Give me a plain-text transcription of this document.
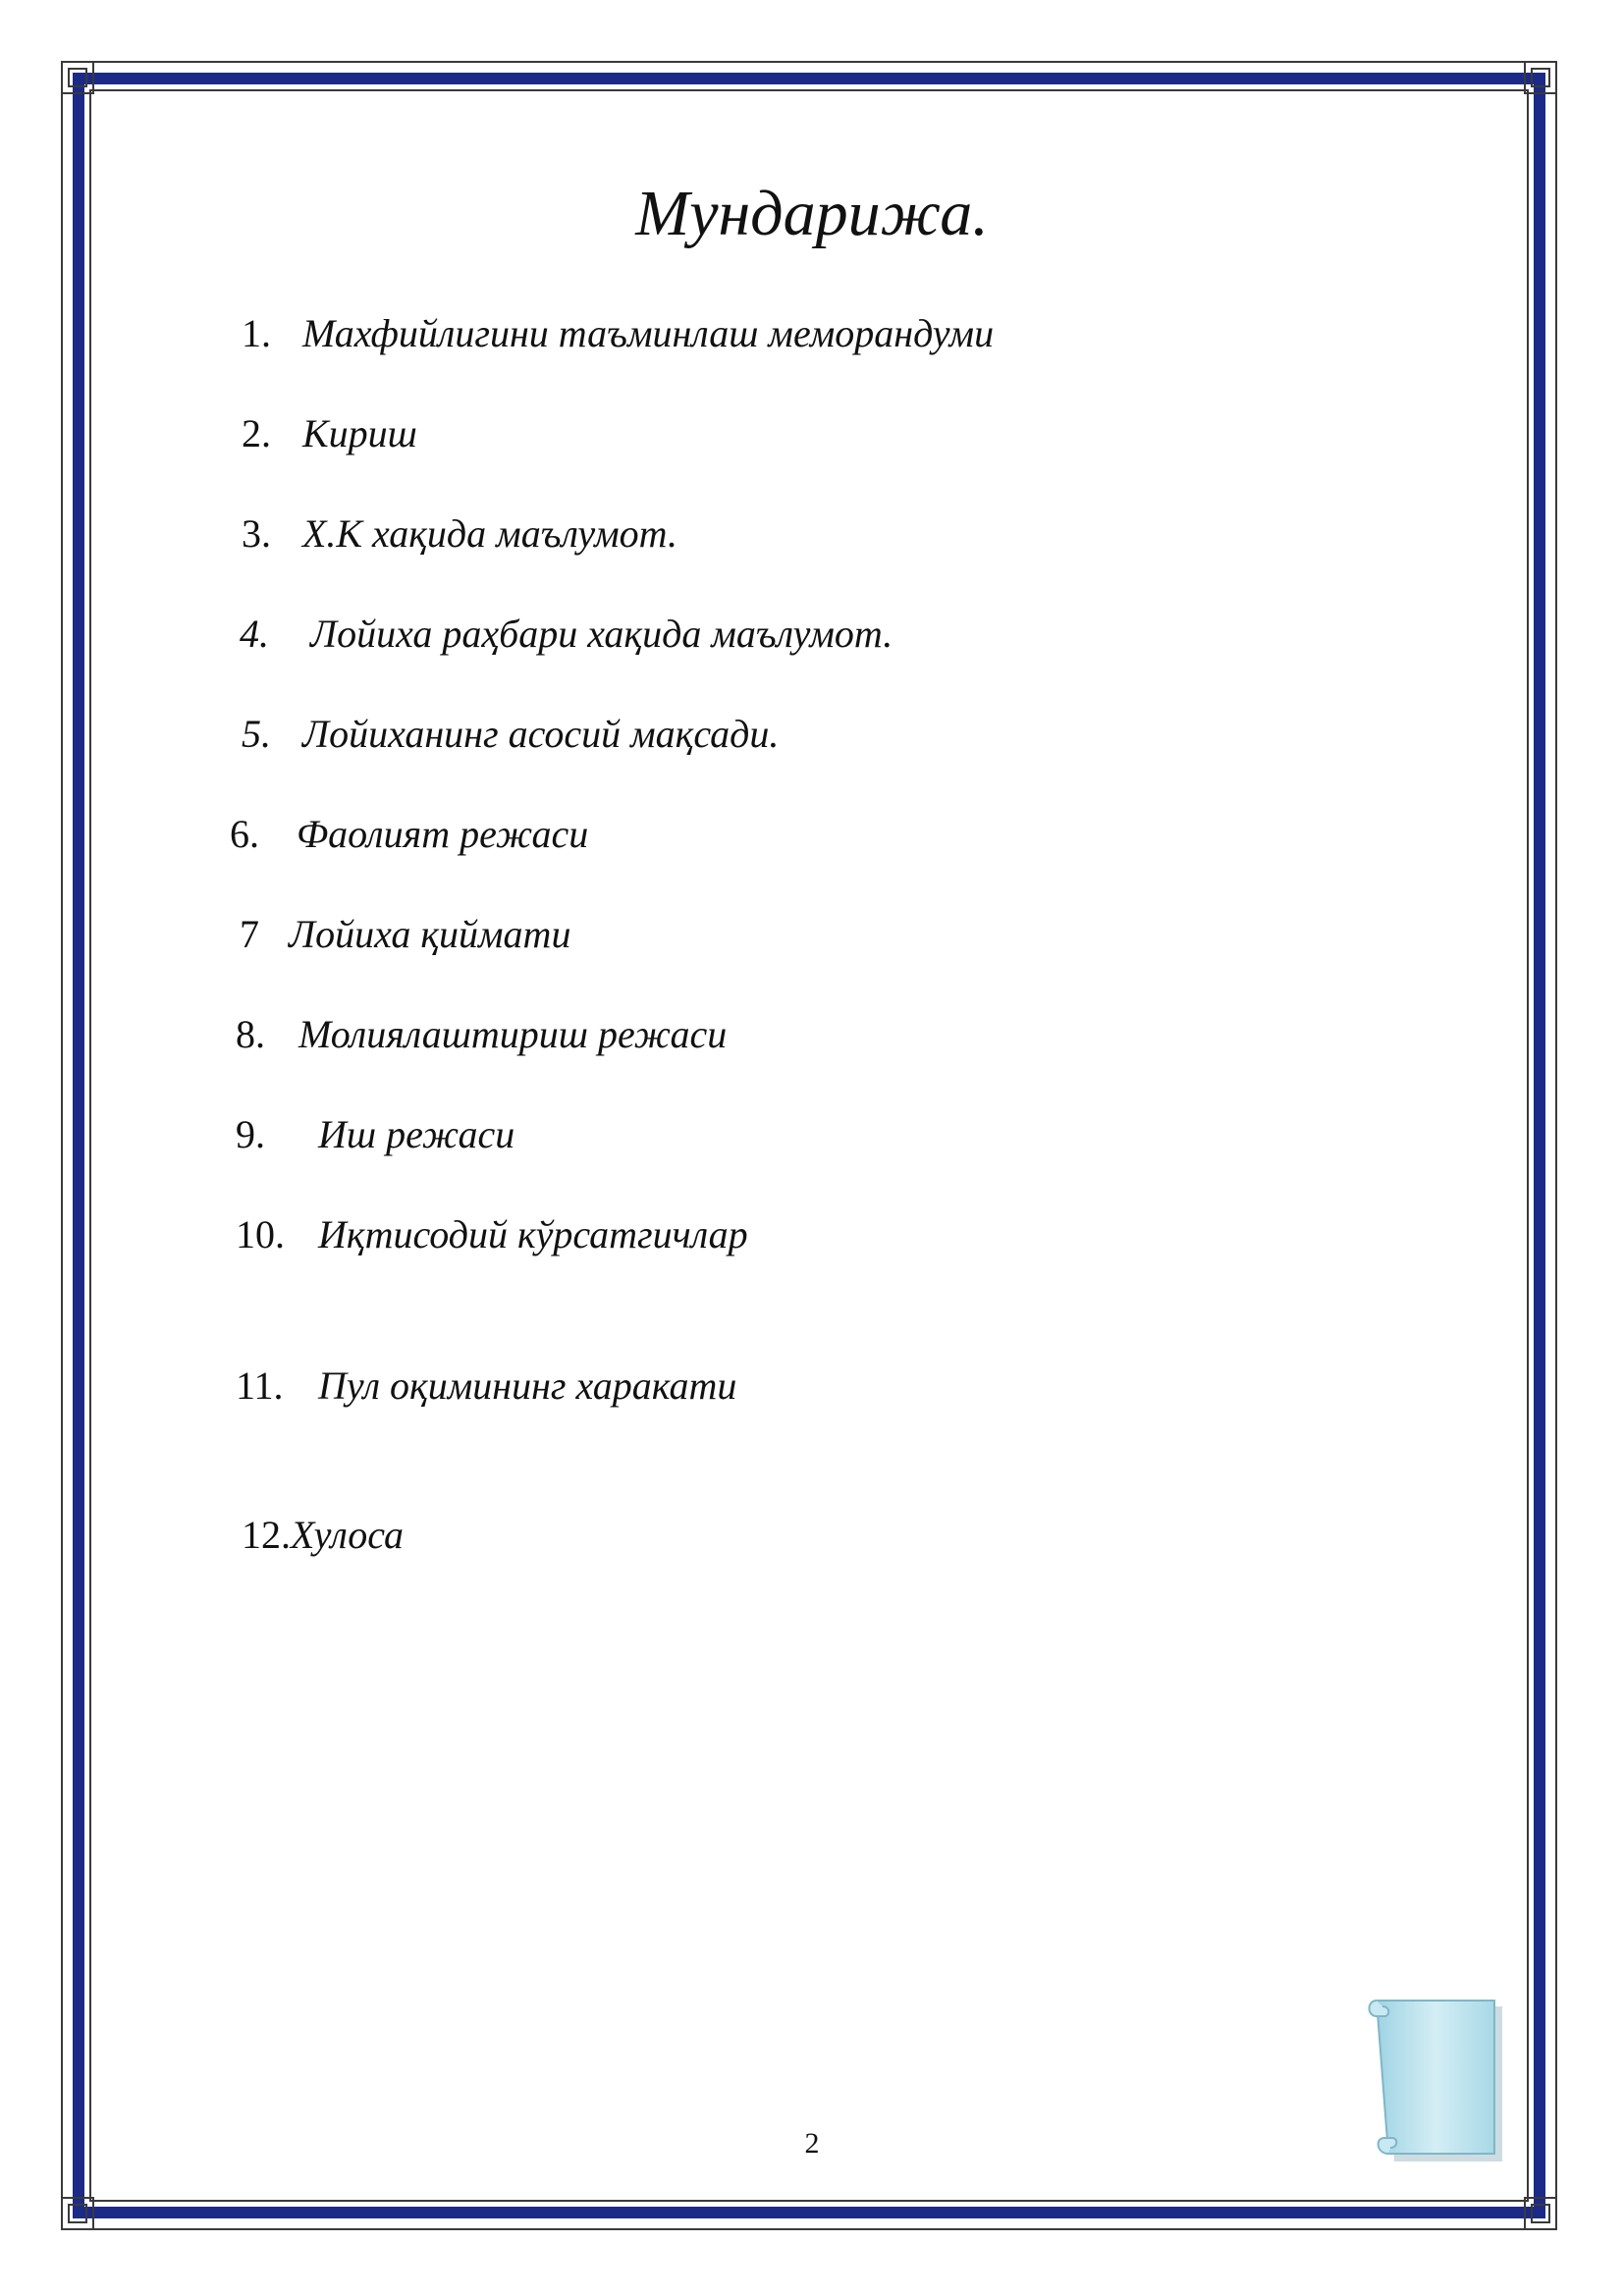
Мундарижа.
1. Махфийлигини таъминлаш меморандуми
2. Кириш
3. Х.К хақида маълумот.
4. Лойиха раҳбари хақида маълумот.
5. Лойиханинг асосий мақсади.
6. Фаолият режаси
7 Лойиха қиймати
8. Молиялаштириш режаси
9. Иш режаси
10. Иқтисодий кўрсатгичлар
11. Пул оқимининг харакати
12.Хулоса
2
